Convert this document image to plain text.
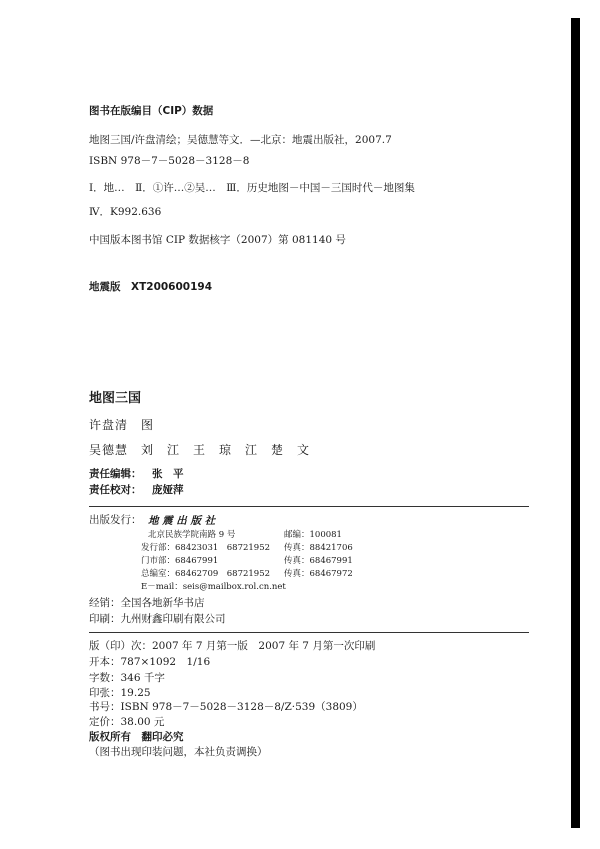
图书在版编目（CIP）数据
地图三国/许盘清绘；吴德慧等文．—北京：地震出版社，2007.7
ISBN 978－7－5028－3128－8
Ⅰ．地…　Ⅱ．①许…②吴…　Ⅲ．历史地图－中国－三国时代－地图集
Ⅳ．K992.636
中国版本图书馆 CIP 数据核字（2007）第 081140 号
地震版　XT200600194
地图三国
许盘清　图
吴德慧　刘　江　王　琼　江　楚　文
责任编辑： 张　平
责任校对： 庞娅萍
出版发行： 地 震 出 版 社
北京民族学院南路 9 号	邮编：100081
发行部：68423031　68721952 传真：88421706
门市部：68467991	传真：68467991
总编室：68462709　68721952 传真：68467972
E－mail：seis@mailbox.rol.cn.net
经销：全国各地新华书店
印刷：九州财鑫印刷有限公司
版（印）次：2007 年 7 月第一版　2007 年 7 月第一次印刷
开本：787×1092　1/16
字数：346 千字
印张：19.25
书号：ISBN 978－7－5028－3128－8/Z·539（3809）
定价：38.00 元
版权所有　翻印必究
（图书出现印装问题，本社负责调换）
